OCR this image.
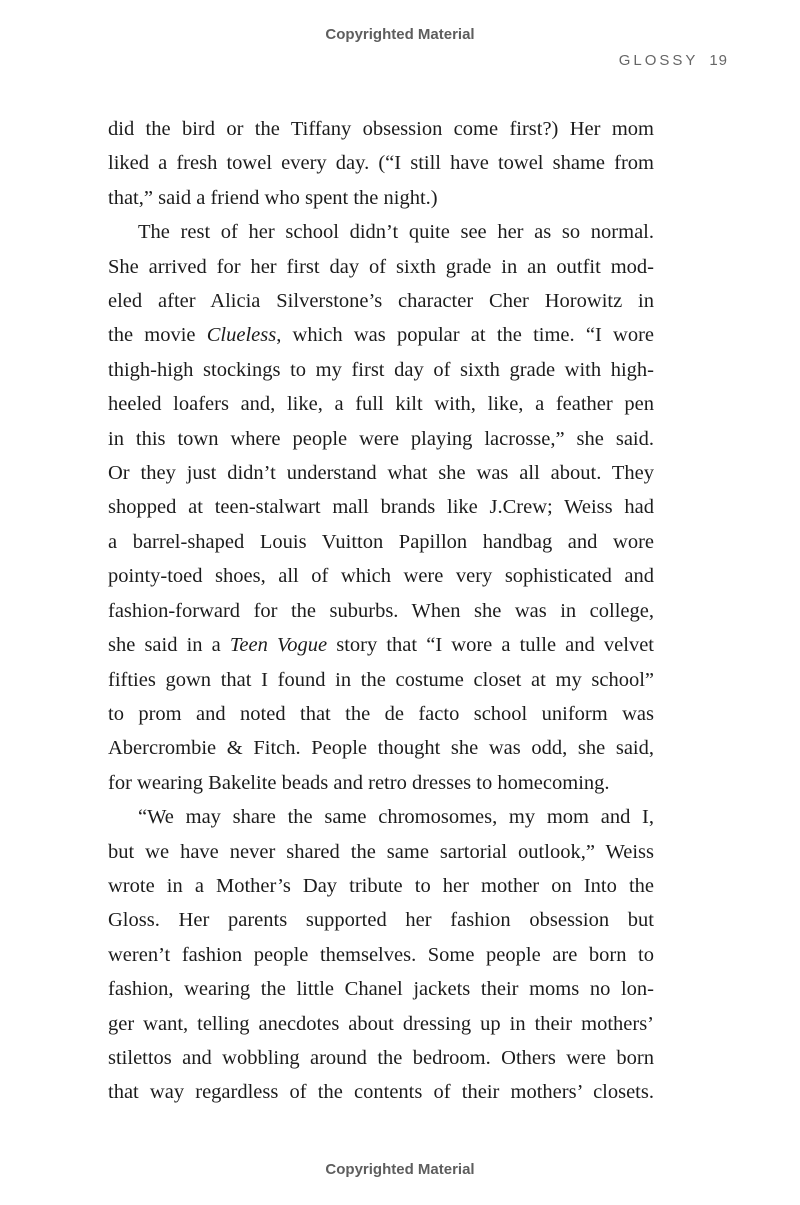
Copyrighted Material
GLOSSY 19

did the bird or the Tiffany obsession come first?) Her mom
liked a fresh towel every day. (“I still have towel shame from
that,” said a friend who spent the night.)

The rest of her school didn’t quite see her as so normal.
She arrived for her first day of sixth grade in an outfit mod-
eled after Alicia Silverstone’s character Cher Horowitz in
the movie Clueless, which was popular at the time. “I wore
thigh-high stockings to my first day of sixth grade with high-
heeled loafers and, like, a full kilt with, like, a feather pen
in this town where people were playing lacrosse,” she said.
Or they just didn’t understand what she was all about. They
shopped at teen-stalwart mall brands like J.Crew; Weiss had
a barrel-shaped Louis Vuitton Papillon handbag and wore
pointy-toed shoes, all of which were very sophisticated and
fashion-forward for the suburbs. When she was in college,
she said in a Teen Vogue story that “I wore a tulle and velvet
fifties gown that I found in the costume closet at my school”
to prom and noted that the de facto school uniform was
Abercrombie & Fitch. People thought she was odd, she said,
for wearing Bakelite beads and retro dresses to homecoming.

“We may share the same chromosomes, my mom and I,
but we have never shared the same sartorial outlook,” Weiss
wrote in a Mother’s Day tribute to her mother on Into the
Gloss. Her parents supported her fashion obsession but
weren’t fashion people themselves. Some people are born to
fashion, wearing the little Chanel jackets their moms no lon-
ger want, telling anecdotes about dressing up in their mothers’
stilettos and wobbling around the bedroom. Others were born
that way regardless of the contents of their mothers’ closets.

Copyrighted Material
